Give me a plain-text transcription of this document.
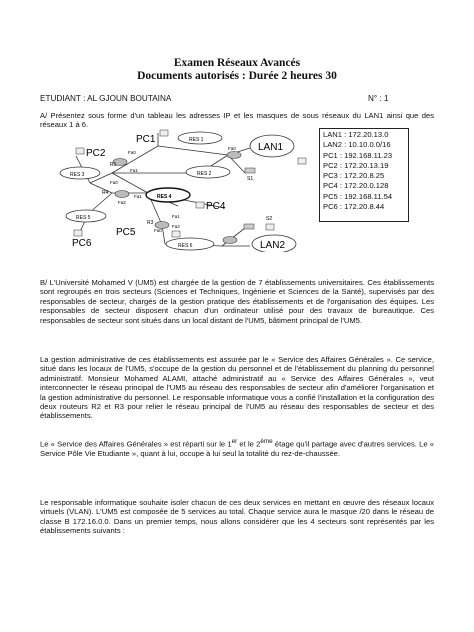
Examen Réseaux Avancés
Documents autorisés : Durée 2 heures 30
ETUDIANT : AL GJOUN BOUTAINA	N° : 1

A/ Présentez sous forme d'un tableau les adresses IP et les masques de sous réseaux du LAN1 ainsi que des réseaux 1 à 6.

LAN1
LAN2
RES 1
RES 2
RES 3
RES 4
RES 5
RES 6
R1
R4
R3
S1
S2
PC1
PC2
PC4
PC5
PC6
Fa0
Fa0
Fa0
Fa0
Fa1
Fa1
Fa1
Fa2
Fa2
LAN1 : 172.20.13.0
LAN2 : 10.10.0.0/16
PC1 : 192.168.11.23
PC2 : 172.20.13.19
PC3 : 172.20.8.25
PC4 : 172.20.0.128
PC5 : 192.168.11.54
PC6 : 172.20.8.44

B/ L'Université Mohamed V (UM5) est chargée de la gestion de 7 établissements universitaires. Ces établissements sont regroupés en trois secteurs (Sciences et Techniques, Ingénierie et Sciences de la Santé), supervisés par des responsables de secteur, chargés de la gestion pratique des établissements et de l'organisation des équipes. Les responsables de secteur disposent chacun d'un ordinateur utilisé pour des travaux de bureautique. Ces responsables de secteur sont situés dans un local distant de l'UM5, bâtiment principal de l'UM5.

La gestion administrative de ces établissements est assurée par le « Service des Affaires Générales ». Ce service, situé dans les locaux de l'UM5, s'occupe de la gestion du personnel et de l'établissement du planning du personnel administratif. Monsieur Mohamed ALAMI, attaché administratif au « Service des Affaires Générales », veut interconnecter le réseau principal de l'UM5 au réseau des responsables de secteur afin d'améliorer l'organisation et la gestion administrative du personnel. Le responsable informatique vous a confié l'installation et la configuration des deux routeurs R2 et R3 pour relier le réseau principal de l'UM5 au réseau des responsables de secteur et des établissements.

Le « Service des Affaires Générales » est réparti sur le 1er et le 2ème étage qu'il partage avec d'autres services. Le « Service Pôle Vie Etudiante », quant à lui, occupe à lui seul la totalité du rez-de-chaussée.

Le responsable informatique souhaite isoler chacun de ces deux services en mettant en œuvre des réseaux locaux virtuels (VLAN). L'UM5 est composée de 5 services au total. Chaque service aura le masque /20 dans le réseau de classe B 172.16.0.0. Dans un premier temps, nous allons considérer que les 4 secteurs sont représentés par les établissements suivants :
